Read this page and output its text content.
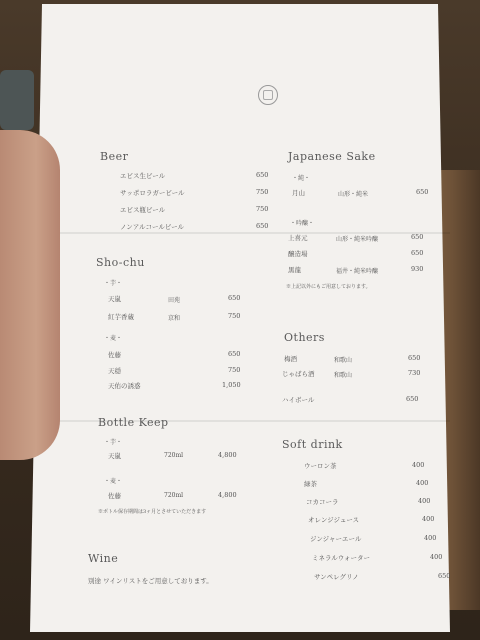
Beer
エビス生ビール	650
サッポロラガービール	750
エビス瓶ビール	750
ノンアルコールビール	650
Sho-chu
・芋・
天嵐	田苑	650
紅芋香蔵	京和	750
・麦・
佐藤	650
天穏	750
天佑の誘惑	1,050
Bottle Keep
・芋・
天嵐	720ml	4,800
・麦・
佐藤	720ml	4,800
※ボトル保存期間は3ヶ月とさせていただきます
Wine
別途 ワインリストをご用意しております。
Japanese Sake
・純・
月山	山形・純米	650
・吟醸・
上喜元	山形・純米吟醸	650
醸造場	650
黒龍	福井・純米吟醸	930
※上記以外にもご用意しております。
Others
梅酒	和歌山	650
じゃばら酒	和歌山	730
ハイボール	650
Soft drink
ウーロン茶	400
緑茶	400
コカコーラ	400
オレンジジュース	400
ジンジャーエール	400
ミネラルウォーター	400
サンペレグリノ	650
